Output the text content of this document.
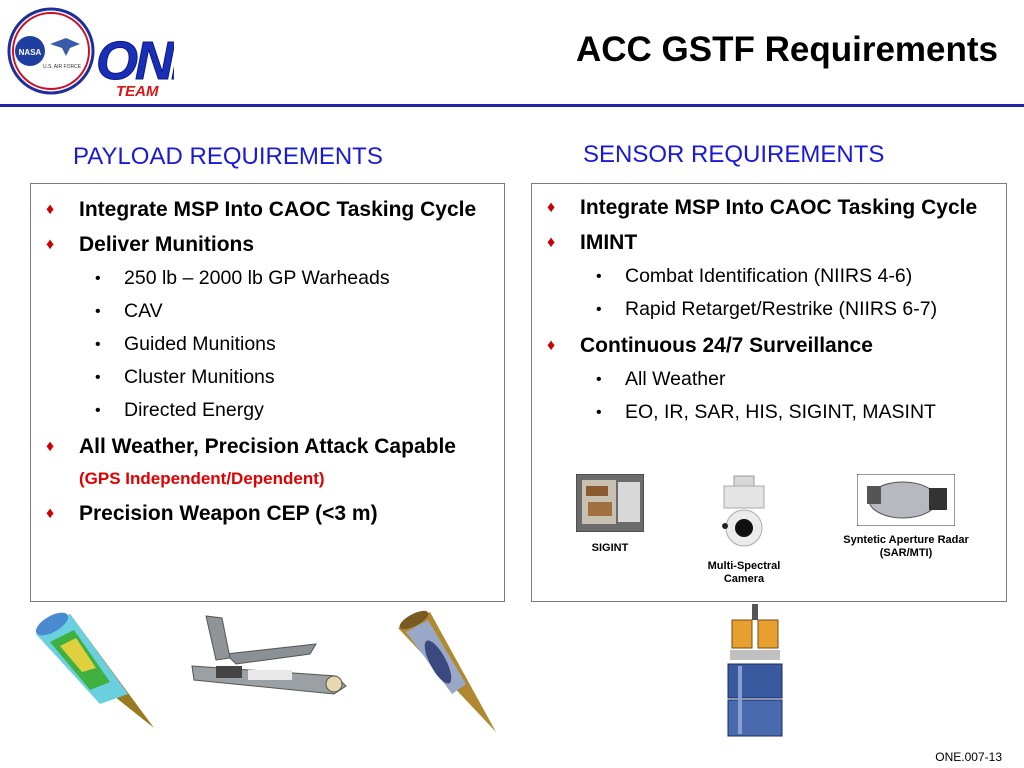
NASA
U.S. AIR FORCE ON
TEAM
ACC GSTF Requirements
PAYLOAD REQUIREMENTS	SENSOR REQUIREMENTS
♦ Integrate MSP Into CAOC Tasking Cycle
♦ Deliver Munitions
• 250 lb – 2000 lb GP Warheads
• CAV
• Guided Munitions
• Cluster Munitions
• Directed Energy
♦ All Weather, Precision Attack Capable (GPS Independent/Dependent)
♦ Precision Weapon CEP (<3 m)
♦ Integrate MSP Into CAOC Tasking Cycle
♦ IMINT
• Combat Identification (NIIRS 4-6)
• Rapid Retarget/Restrike (NIIRS 6-7)
♦ Continuous 24/7 Surveillance
• All Weather
• EO, IR, SAR, HIS, SIGINT, MASINT
SIGINT
Multi-Spectral
Camera
Syntetic Aperture Radar
(SAR/MTI)
ONE.007-13
